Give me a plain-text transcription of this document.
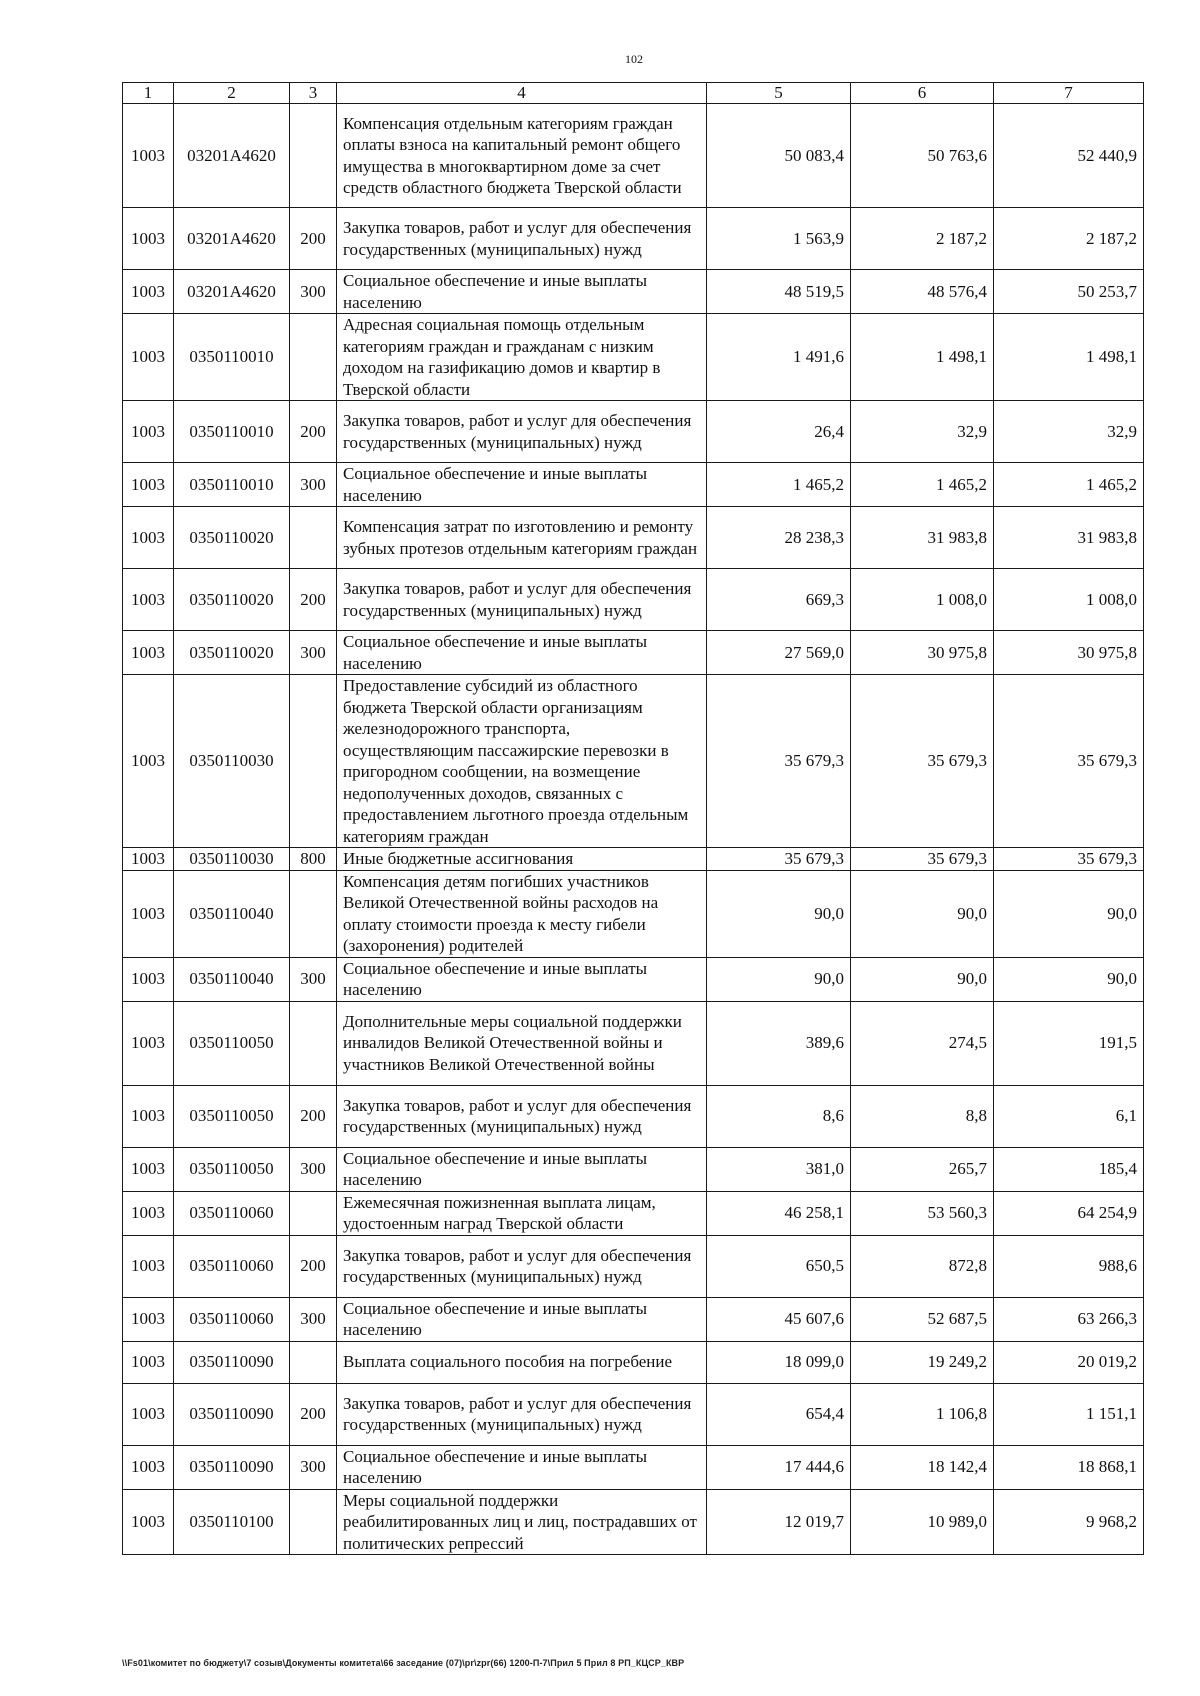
102
1	2	3	4	5	6	7
1003	03201А4620		Компенсация отдельным категориям граждан оплаты взноса на капитальный ремонт общего имущества в многоквартирном доме за счет средств областного бюджета Тверской области	50 083,4	50 763,6	52 440,9
1003	03201А4620	200	Закупка товаров, работ и услуг для обеспечения государственных (муниципальных) нужд	1 563,9	2 187,2	2 187,2
1003	03201А4620	300	Социальное обеспечение и иные выплаты населению	48 519,5	48 576,4	50 253,7
1003	0350110010		Адресная социальная помощь отдельным категориям граждан и гражданам с низким доходом на газификацию домов и квартир в Тверской области	1 491,6	1 498,1	1 498,1
1003	0350110010	200	Закупка товаров, работ и услуг для обеспечения государственных (муниципальных) нужд	26,4	32,9	32,9
1003	0350110010	300	Социальное обеспечение и иные выплаты населению	1 465,2	1 465,2	1 465,2
1003	0350110020		Компенсация затрат по изготовлению и ремонту зубных протезов отдельным категориям граждан	28 238,3	31 983,8	31 983,8
1003	0350110020	200	Закупка товаров, работ и услуг для обеспечения государственных (муниципальных) нужд	669,3	1 008,0	1 008,0
1003	0350110020	300	Социальное обеспечение и иные выплаты населению	27 569,0	30 975,8	30 975,8
1003	0350110030		Предоставление субсидий из областного бюджета Тверской области организациям железнодорожного транспорта, осуществляющим пассажирские перевозки в пригородном сообщении, на возмещение недополученных доходов, связанных с предоставлением льготного проезда отдельным категориям граждан	35 679,3	35 679,3	35 679,3
1003	0350110030	800	Иные бюджетные ассигнования	35 679,3	35 679,3	35 679,3
1003	0350110040		Компенсация детям погибших участников Великой Отечественной войны расходов на оплату стоимости проезда к месту гибели (захоронения) родителей	90,0	90,0	90,0
1003	0350110040	300	Социальное обеспечение и иные выплаты населению	90,0	90,0	90,0
1003	0350110050		Дополнительные меры социальной поддержки инвалидов Великой Отечественной войны и участников Великой Отечественной войны	389,6	274,5	191,5
1003	0350110050	200	Закупка товаров, работ и услуг для обеспечения государственных (муниципальных) нужд	8,6	8,8	6,1
1003	0350110050	300	Социальное обеспечение и иные выплаты населению	381,0	265,7	185,4
1003	0350110060		Ежемесячная пожизненная выплата лицам, удостоенным наград Тверской области	46 258,1	53 560,3	64 254,9
1003	0350110060	200	Закупка товаров, работ и услуг для обеспечения государственных (муниципальных) нужд	650,5	872,8	988,6
1003	0350110060	300	Социальное обеспечение и иные выплаты населению	45 607,6	52 687,5	63 266,3
1003	0350110090		Выплата социального пособия на погребение	18 099,0	19 249,2	20 019,2
1003	0350110090	200	Закупка товаров, работ и услуг для обеспечения государственных (муниципальных) нужд	654,4	1 106,8	1 151,1
1003	0350110090	300	Социальное обеспечение и иные выплаты населению	17 444,6	18 142,4	18 868,1
1003	0350110100		Меры социальной поддержки реабилитированных лиц и лиц, пострадавших от политических репрессий	12 019,7	10 989,0	9 968,2
\\Fs01\комитет по бюджету\7 созыв\Документы комитета\66 заседание (07)\pr\zpr(66) 1200-П-7\Прил 5 Прил 8 РП_КЦСР_КВР
